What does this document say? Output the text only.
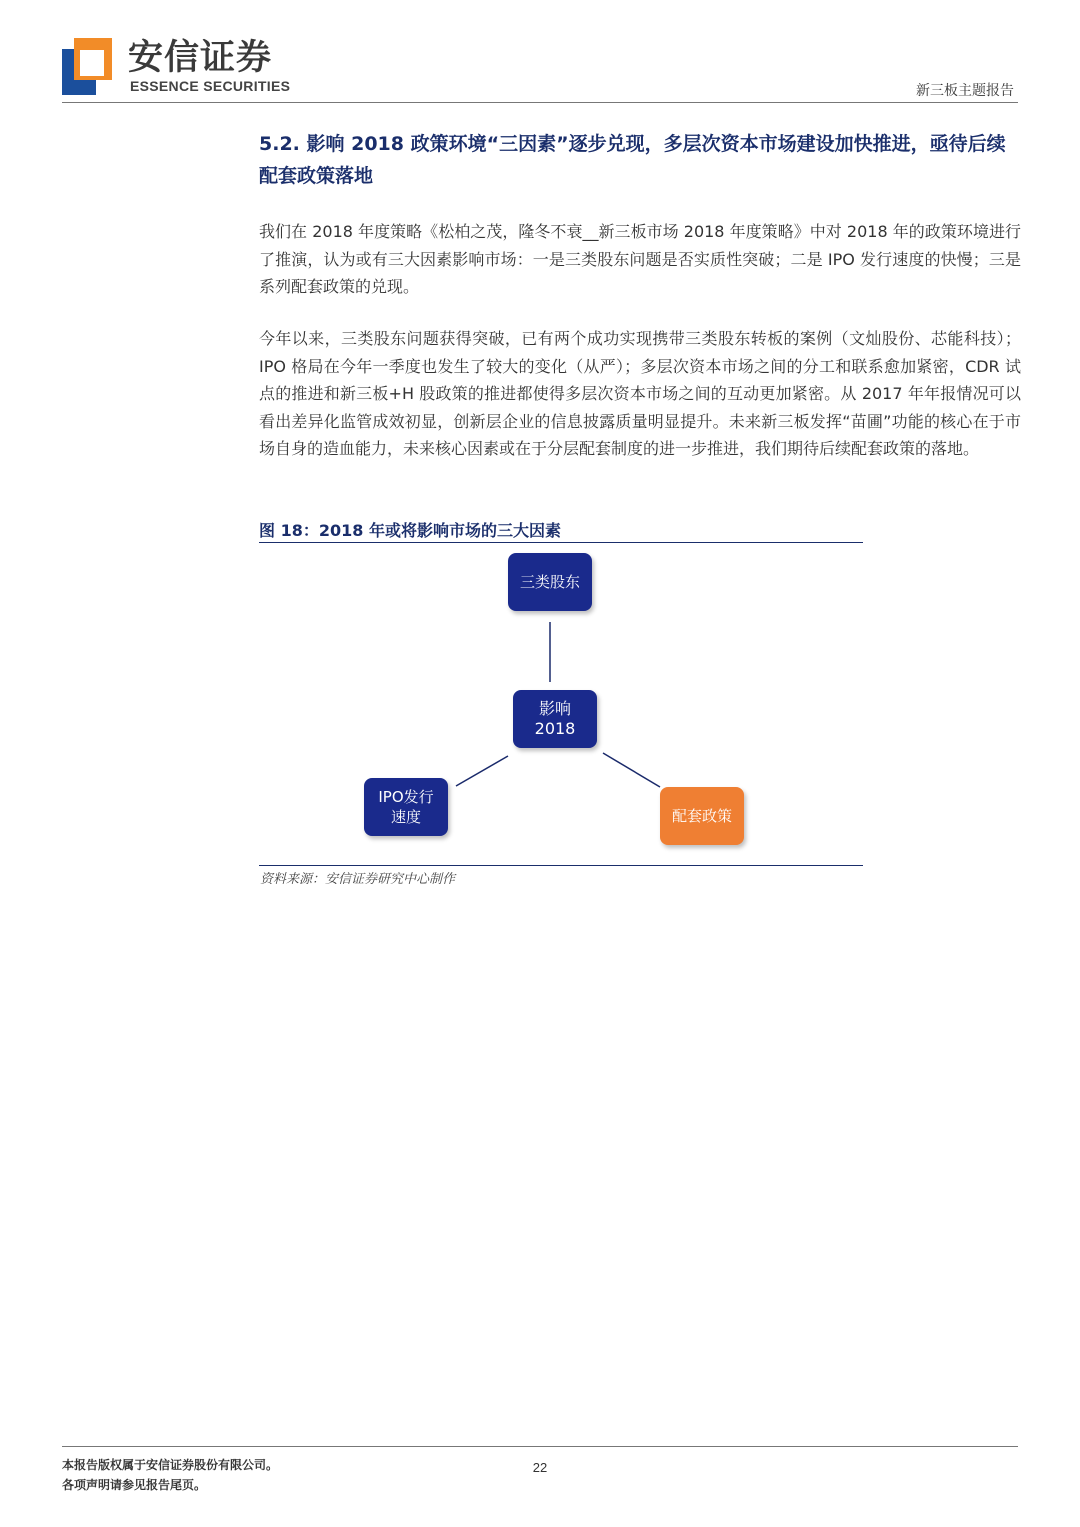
安信证券
ESSENCE SECURITIES	新三板主题报告
5.2. 影响 2018 政策环境“三因素”逐步兑现，多层次资本市场建设加快推进，亟待后续配套政策落地
我们在 2018 年度策略《松柏之茂，隆冬不衰__新三板市场 2018 年度策略》中对 2018 年的政策环境进行了推演，认为或有三大因素影响市场：一是三类股东问题是否实质性突破；二是 IPO 发行速度的快慢；三是系列配套政策的兑现。
今年以来，三类股东问题获得突破，已有两个成功实现携带三类股东转板的案例（文灿股份、芯能科技）；IPO 格局在今年一季度也发生了较大的变化（从严）；多层次资本市场之间的分工和联系愈加紧密，CDR 试点的推进和新三板+H 股政策的推进都使得多层次资本市场之间的互动更加紧密。从 2017 年年报情况可以看出差异化监管成效初显，创新层企业的信息披露质量明显提升。未来新三板发挥“苗圃”功能的核心在于市场自身的造血能力，未来核心因素或在于分层配套制度的进一步推进，我们期待后续配套政策的落地。
图 18：2018 年或将影响市场的三大因素
三类股东
影响
2018
IPO发行
速度	配套政策
资料来源：安信证券研究中心制作
本报告版权属于安信证券股份有限公司。
各项声明请参见报告尾页。
22
